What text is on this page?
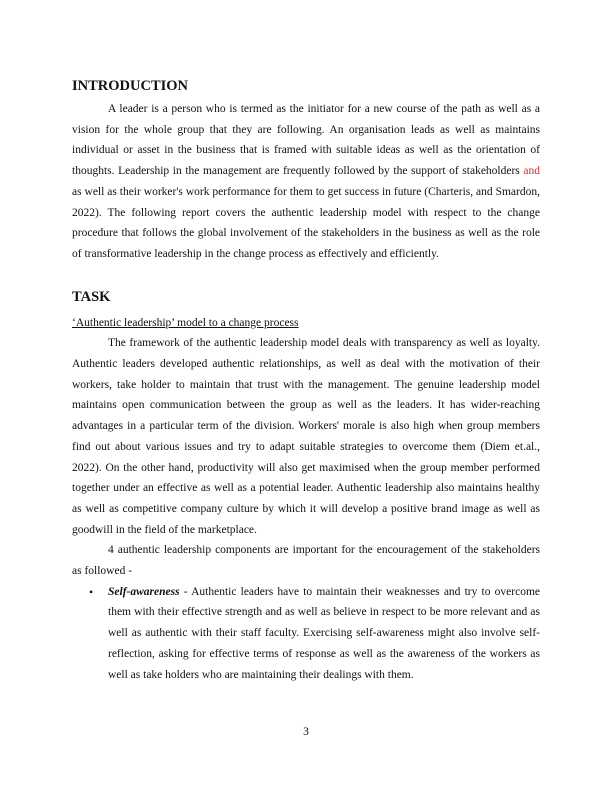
INTRODUCTION

A leader is a person who is termed as the initiator for a new course of the path as well as a vision for the whole group that they are following. An organisation leads as well as maintains individual or asset in the business that is framed with suitable ideas as well as the orientation of thoughts. Leadership in the management are frequently followed by the support of stakeholders and as well as their worker's work performance for them to get success in future (Charteris, and Smardon, 2022). The following report covers the authentic leadership model with respect to the change procedure that follows the global involvement of the stakeholders in the business as well as the role of transformative leadership in the change process as effectively and efficiently.

TASK

‘Authentic leadership’ model to a change process

The framework of the authentic leadership model deals with transparency as well as loyalty. Authentic leaders developed authentic relationships, as well as deal with the motivation of their workers, take holder to maintain that trust with the management. The genuine leadership model maintains open communication between the group as well as the leaders. It has wider-reaching advantages in a particular term of the division. Workers' morale is also high when group members find out about various issues and try to adapt suitable strategies to overcome them (Diem et.al., 2022). On the other hand, productivity will also get maximised when the group member performed together under an effective as well as a potential leader. Authentic leadership also maintains healthy as well as competitive company culture by which it will develop a positive brand image as well as goodwill in the field of the marketplace.

4 authentic leadership components are important for the encouragement of the stakeholders as followed -

• Self-awareness - Authentic leaders have to maintain their weaknesses and try to overcome them with their effective strength and as well as believe in respect to be more relevant and as well as authentic with their staff faculty. Exercising self-awareness might also involve self-reflection, asking for effective terms of response as well as the awareness of the workers as well as take holders who are maintaining their dealings with them.
3
